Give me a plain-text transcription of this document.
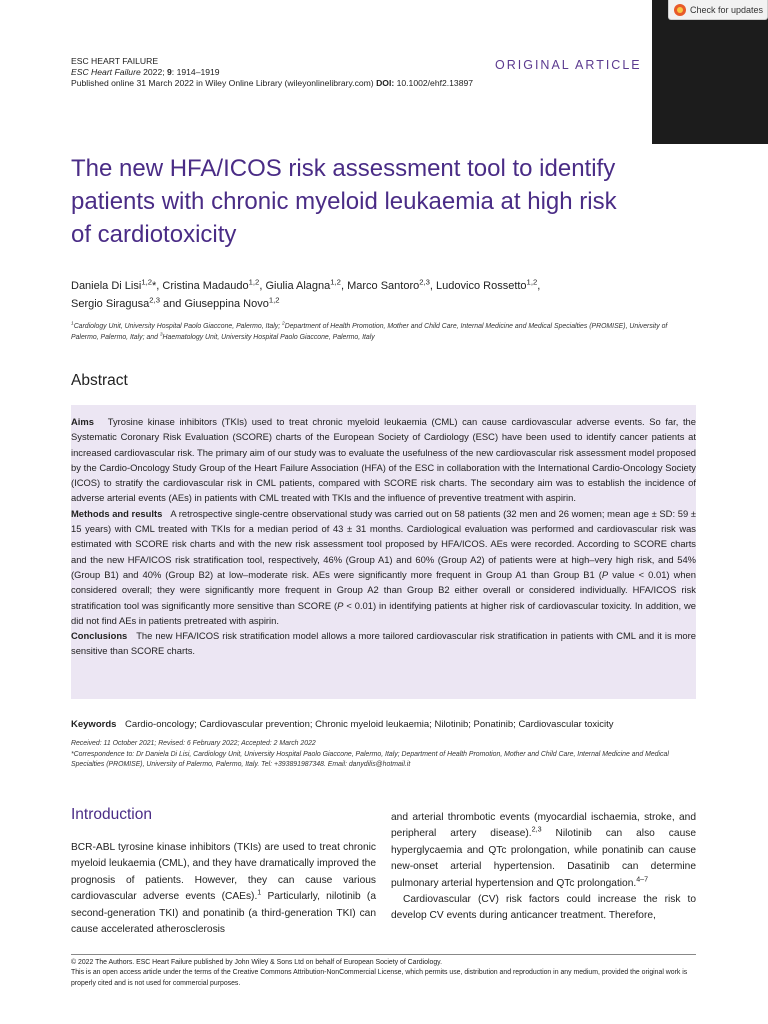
Check for updates
ESC HEART FAILURE
ESC Heart Failure 2022; 9: 1914–1919
Published online 31 March 2022 in Wiley Online Library (wileyonlinelibrary.com) DOI: 10.1002/ehf2.13897
ORIGINAL ARTICLE
The new HFA/ICOS risk assessment tool to identify patients with chronic myeloid leukaemia at high risk of cardiotoxicity
Daniela Di Lisi$^{1,2}$*, Cristina Madaudo$^{1,2}$, Giulia Alagna$^{1,2}$, Marco Santoro$^{2,3}$, Ludovico Rossetto$^{1,2}$,
Sergio Siragusa$^{2,3}$ and Giuseppina Novo$^{1,2}$
$^1$Cardiology Unit, University Hospital Paolo Giaccone, Palermo, Italy; $^2$Department of Health Promotion, Mother and Child Care, Internal Medicine and Medical Specialties (PROMISE), University of Palermo, Palermo, Italy; and $^3$Haematology Unit, University Hospital Paolo Giaccone, Palermo, Italy
Abstract
Aims Tyrosine kinase inhibitors (TKIs) used to treat chronic myeloid leukaemia (CML) can cause cardiovascular adverse events. So far, the Systematic Coronary Risk Evaluation (SCORE) charts of the European Society of Cardiology (ESC) have been used to identify cancer patients at increased cardiovascular risk. The primary aim of our study was to evaluate the usefulness of the new cardiovascular risk assessment model proposed by the Cardio-Oncology Study Group of the Heart Failure Association (HFA) of the ESC in collaboration with the International Cardio-Oncology Society (ICOS) to stratify the cardiovascular risk in CML patients, compared with SCORE risk charts. The secondary aim was to establish the incidence of adverse arterial events (AEs) in patients with CML treated with TKIs and the influence of preventive treatment with aspirin.
Methods and results A retrospective single-centre observational study was carried out on 58 patients (32 men and 26 women; mean age ± SD: 59 ± 15 years) with CML treated with TKIs for a median period of 43 ± 31 months. Cardiological evaluation was performed and cardiovascular risk was estimated with SCORE risk charts and with the new risk assessment tool proposed by HFA/ICOS. AEs were recorded. According to SCORE charts and the new HFA/ICOS risk stratification tool, respectively, 46% (Group A1) and 60% (Group A2) of patients were at high–very high risk, and 54% (Group B1) and 40% (Group B2) at low–moderate risk. AEs were significantly more frequent in Group A1 than Group B1 (P value < 0.01) when considered overall; they were significantly more frequent in Group A2 than Group B2 either overall or considered individually. HFA/ICOS risk stratification tool was significantly more sensitive than SCORE (P < 0.01) in identifying patients at higher risk of cardiovascular toxicity. In addition, we did not find AEs in patients pretreated with aspirin.
Conclusions The new HFA/ICOS risk stratification model allows a more tailored cardiovascular risk stratification in patients with CML and it is more sensitive than SCORE charts.
Keywords Cardio-oncology; Cardiovascular prevention; Chronic myeloid leukaemia; Nilotinib; Ponatinib; Cardiovascular toxicity
Received: 11 October 2021; Revised: 6 February 2022; Accepted: 2 March 2022
*Correspondence to: Dr Daniela Di Lisi, Cardiology Unit, University Hospital Paolo Giaccone, Palermo, Italy; Department of Health Promotion, Mother and Child Care, Internal Medicine and Medical Specialties (PROMISE), University of Palermo, Palermo, Italy. Tel: +393891987348. Email: danydilis@hotmail.it
Introduction
BCR-ABL tyrosine kinase inhibitors (TKIs) are used to treat chronic myeloid leukaemia (CML), and they have dramatically improved the prognosis of patients. However, they can cause various cardiovascular adverse events (CAEs).$^1$ Particularly, nilotinib (a second-generation TKI) and ponatinib (a third-generation TKI) can cause accelerated atherosclerosis
and arterial thrombotic events (myocardial ischaemia, stroke, and peripheral artery disease).$^{2,3}$ Nilotinib can also cause hyperglycaemia and QTc prolongation, while ponatinib can cause new-onset arterial hypertension. Dasatinib can determine pulmonary arterial hypertension and QTc prolongation.$^{4-7}$
Cardiovascular (CV) risk factors could increase the risk to develop CV events during anticancer treatment. Therefore,
© 2022 The Authors. ESC Heart Failure published by John Wiley & Sons Ltd on behalf of European Society of Cardiology.
This is an open access article under the terms of the Creative Commons Attribution-NonCommercial License, which permits use, distribution and reproduction in any medium, provided the original work is properly cited and is not used for commercial purposes.
